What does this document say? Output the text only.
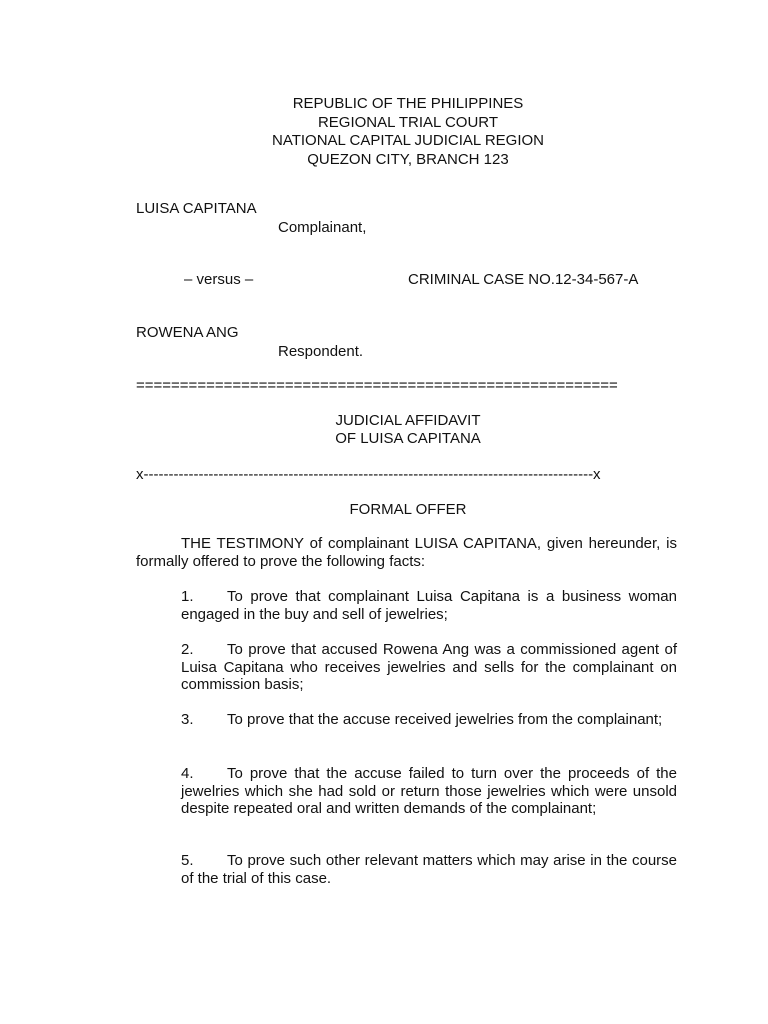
REPUBLIC OF THE PHILIPPINES
REGIONAL TRIAL COURT
NATIONAL CAPITAL JUDICIAL REGION
QUEZON CITY, BRANCH 123
LUISA CAPITANA
Complainant,
– versus –	CRIMINAL CASE NO.12-34-567-A
ROWENA ANG
Respondent.
=======================================================
JUDICIAL AFFIDAVIT
OF LUISA CAPITANA
x------------------------------------------------------------------------------------------x
FORMAL OFFER
THE TESTIMONY of complainant LUISA CAPITANA, given hereunder, is formally offered to prove the following facts:
1. To prove that complainant Luisa Capitana is a business woman engaged in the buy and sell of jewelries;
2. To prove that accused Rowena Ang was a commissioned agent of Luisa Capitana who receives jewelries and sells for the complainant on commission basis;
3. To prove that the accuse received jewelries from the complainant;
4. To prove that the accuse failed to turn over the proceeds of the jewelries which she had sold or return those jewelries which were unsold despite repeated oral and written demands of the complainant;
5. To prove such other relevant matters which may arise in the course of the trial of this case.
